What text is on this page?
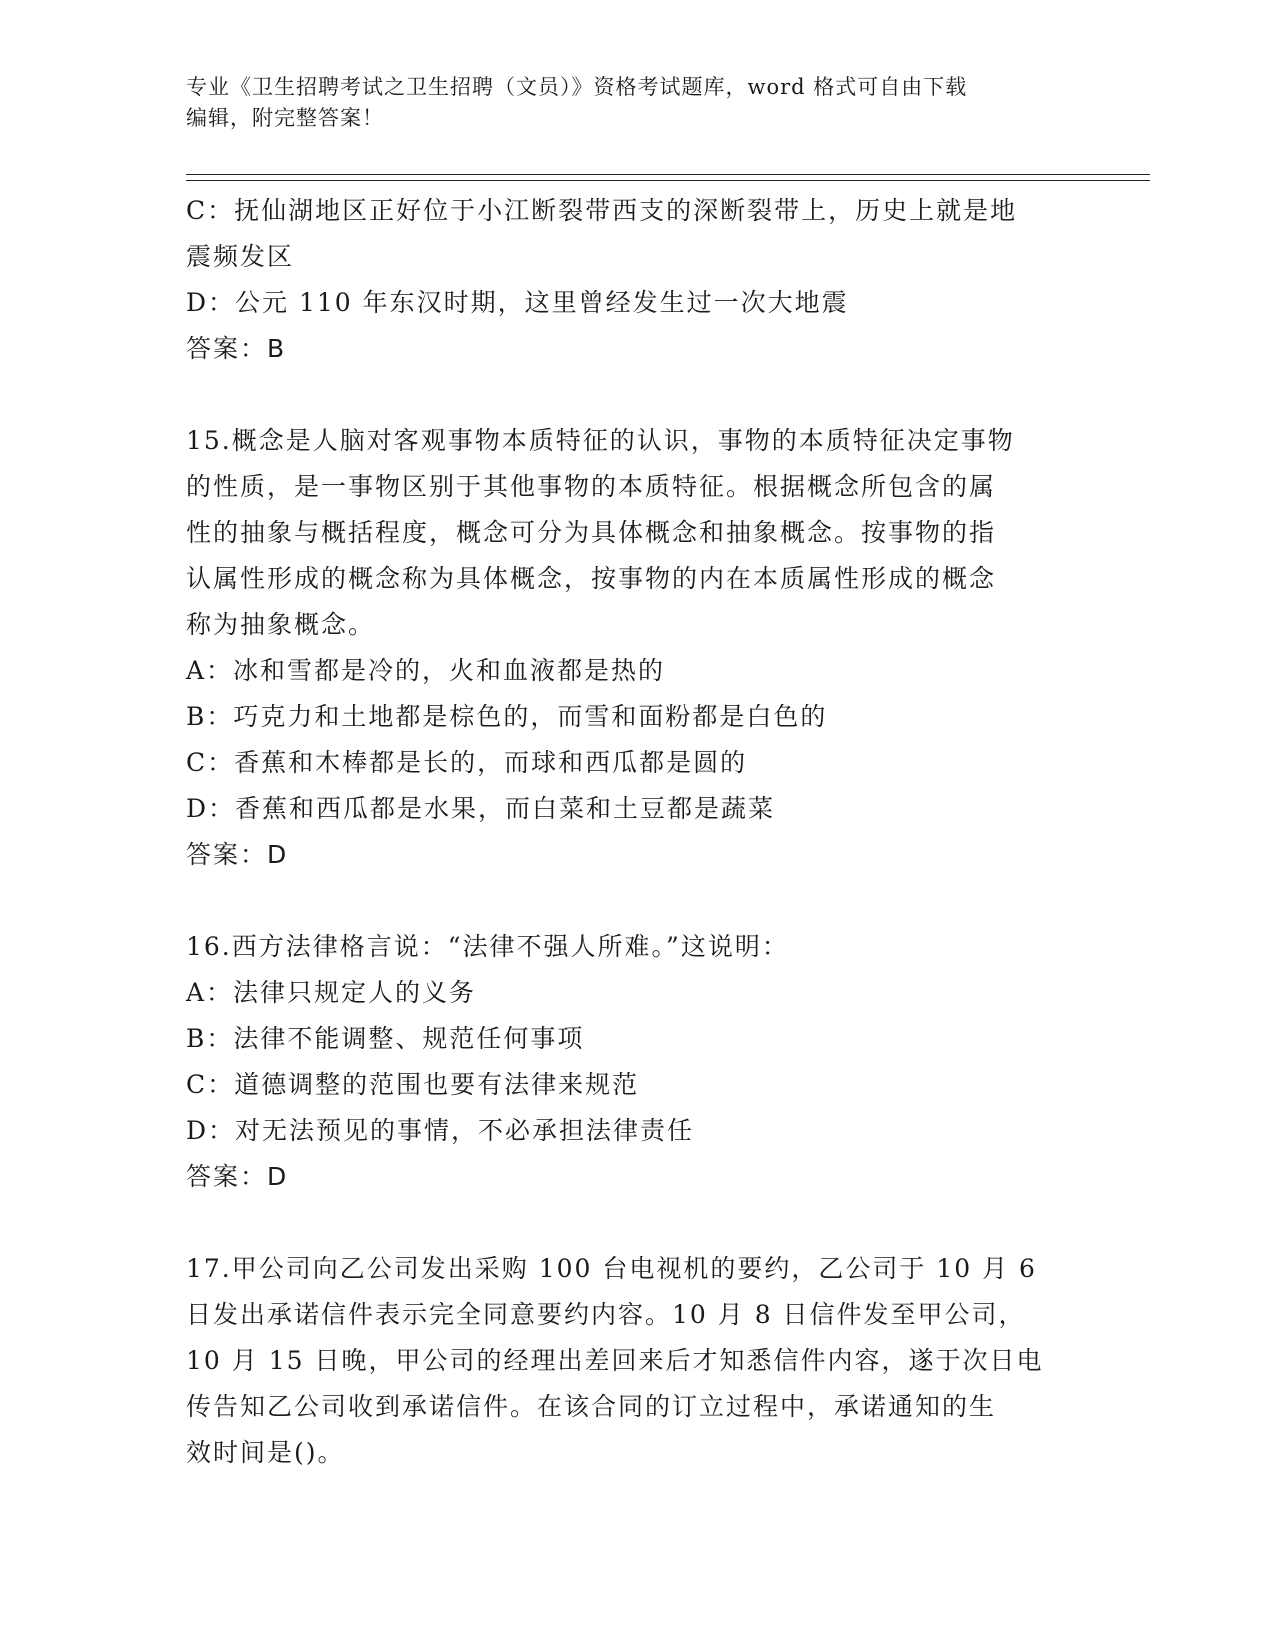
专业《卫生招聘考试之卫生招聘（文员）》资格考试题库，word 格式可自由下载

编辑，附完整答案！

C：抚仙湖地区正好位于小江断裂带西支的深断裂带上，历史上就是地

震频发区

D：公元 110 年东汉时期，这里曾经发生过一次大地震

答案：B

15.概念是人脑对客观事物本质特征的认识，事物的本质特征决定事物

的性质，是一事物区别于其他事物的本质特征。根据概念所包含的属

性的抽象与概括程度，概念可分为具体概念和抽象概念。按事物的指

认属性形成的概念称为具体概念，按事物的内在本质属性形成的概念

称为抽象概念。

A：冰和雪都是冷的，火和血液都是热的

B：巧克力和土地都是棕色的，而雪和面粉都是白色的

C：香蕉和木棒都是长的，而球和西瓜都是圆的

D：香蕉和西瓜都是水果，而白菜和土豆都是蔬菜

答案：D

16.西方法律格言说：“法律不强人所难。”这说明：

A：法律只规定人的义务

B：法律不能调整、规范任何事项

C：道德调整的范围也要有法律来规范

D：对无法预见的事情，不必承担法律责任

答案：D

17.甲公司向乙公司发出采购 100 台电视机的要约，乙公司于 10 月 6

日发出承诺信件表示完全同意要约内容。10 月 8 日信件发至甲公司，

10 月 15 日晚，甲公司的经理出差回来后才知悉信件内容，遂于次日电

传告知乙公司收到承诺信件。在该合同的订立过程中，承诺通知的生

效时间是()。
